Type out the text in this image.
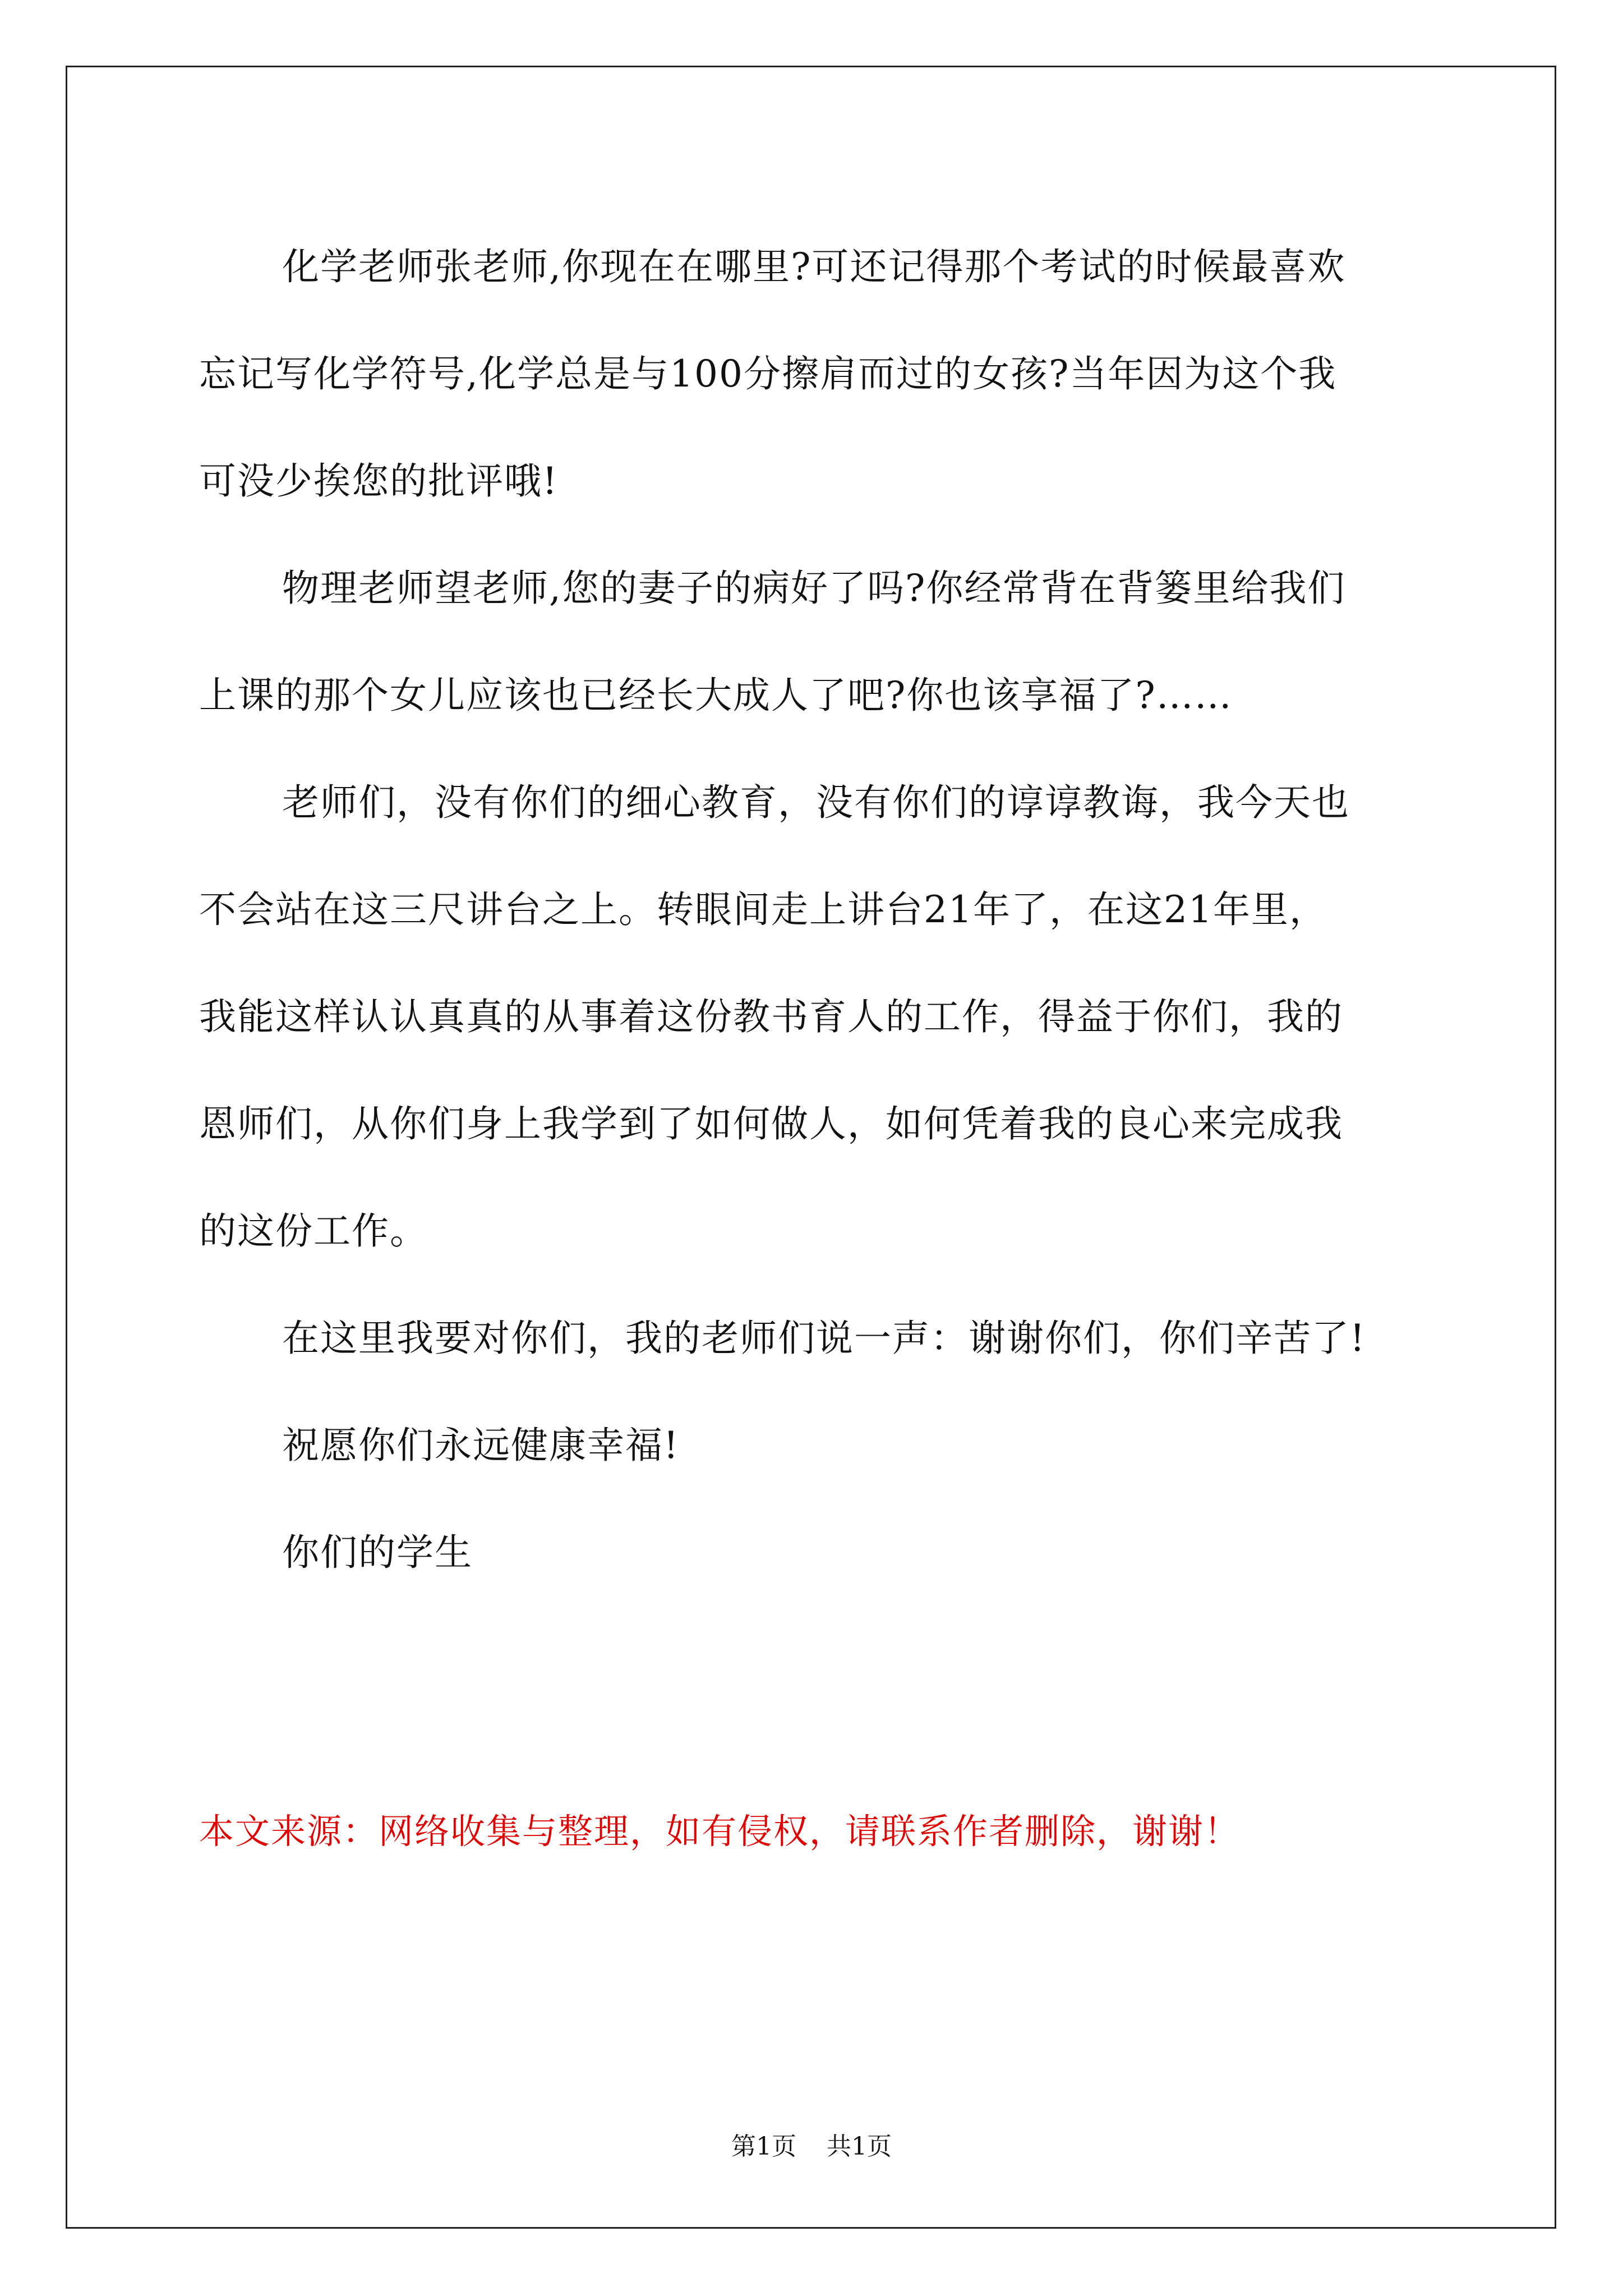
化学老师张老师,你现在在哪里?可还记得那个考试的时候最喜欢
忘记写化学符号,化学总是与100分擦肩而过的女孩?当年因为这个我
可没少挨您的批评哦!

物理老师望老师,您的妻子的病好了吗?你经常背在背篓里给我们
上课的那个女儿应该也已经长大成人了吧?你也该享福了?……

老师们，没有你们的细心教育，没有你们的谆谆教诲，我今天也
不会站在这三尺讲台之上。转眼间走上讲台21年了，在这21年里，
我能这样认认真真的从事着这份教书育人的工作，得益于你们，我的
恩师们，从你们身上我学到了如何做人，如何凭着我的良心来完成我
的这份工作。

在这里我要对你们，我的老师们说一声：谢谢你们，你们辛苦了!

祝愿你们永远健康幸福!

你们的学生

本文来源：网络收集与整理，如有侵权，请联系作者删除，谢谢！
第1页 共1页
